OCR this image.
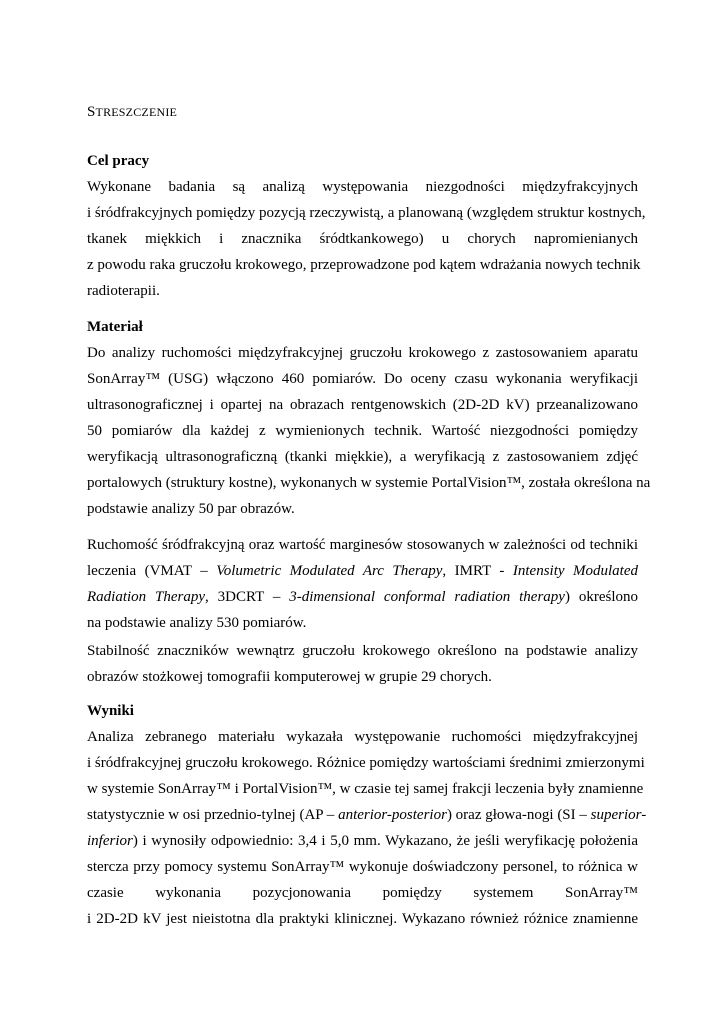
STRESZCZENIE

Cel pracy

Wykonane badania są analizą występowania niezgodności międzyfrakcyjnych
i śródfrakcyjnych pomiędzy pozycją rzeczywistą, a planowaną (względem struktur kostnych,
tkanek miękkich i znacznika śródtkankowego) u chorych napromienianych
z powodu raka gruczołu krokowego, przeprowadzone pod kątem wdrażania nowych technik
radioterapii.

Materiał

Do analizy ruchomości międzyfrakcyjnej gruczołu krokowego z zastosowaniem aparatu
SonArray™ (USG) włączono 460 pomiarów. Do oceny czasu wykonania weryfikacji
ultrasonograficznej i opartej na obrazach rentgenowskich (2D-2D kV) przeanalizowano
50 pomiarów dla każdej z wymienionych technik. Wartość niezgodności pomiędzy
weryfikacją ultrasonograficzną (tkanki miękkie), a weryfikacją z zastosowaniem zdjęć
portalowych (struktury kostne), wykonanych w systemie PortalVision™, została określona na
podstawie analizy 50 par obrazów.

Ruchomość śródfrakcyjną oraz wartość marginesów stosowanych w zależności od techniki
leczenia (VMAT – Volumetric Modulated Arc Therapy, IMRT - Intensity Modulated
Radiation Therapy, 3DCRT – 3-dimensional conformal radiation therapy) określono
na podstawie analizy 530 pomiarów.

Stabilność znaczników wewnątrz gruczołu krokowego określono na podstawie analizy
obrazów stożkowej tomografii komputerowej w grupie 29 chorych.

Wyniki

Analiza zebranego materiału wykazała występowanie ruchomości międzyfrakcyjnej
i śródfrakcyjnej gruczołu krokowego. Różnice pomiędzy wartościami średnimi zmierzonymi
w systemie SonArray™ i PortalVision™, w czasie tej samej frakcji leczenia były znamienne
statystycznie w osi przednio-tylnej (AP – anterior-posterior) oraz głowa-nogi (SI – superior-
inferior) i wynosiły odpowiednio: 3,4 i 5,0 mm. Wykazano, że jeśli weryfikację położenia
stercza przy pomocy systemu SonArray™ wykonuje doświadczony personel, to różnica w
czasie wykonania pozycjonowania pomiędzy systemem SonArray™
i 2D-2D kV jest nieistotna dla praktyki klinicznej. Wykazano również różnice znamienne
